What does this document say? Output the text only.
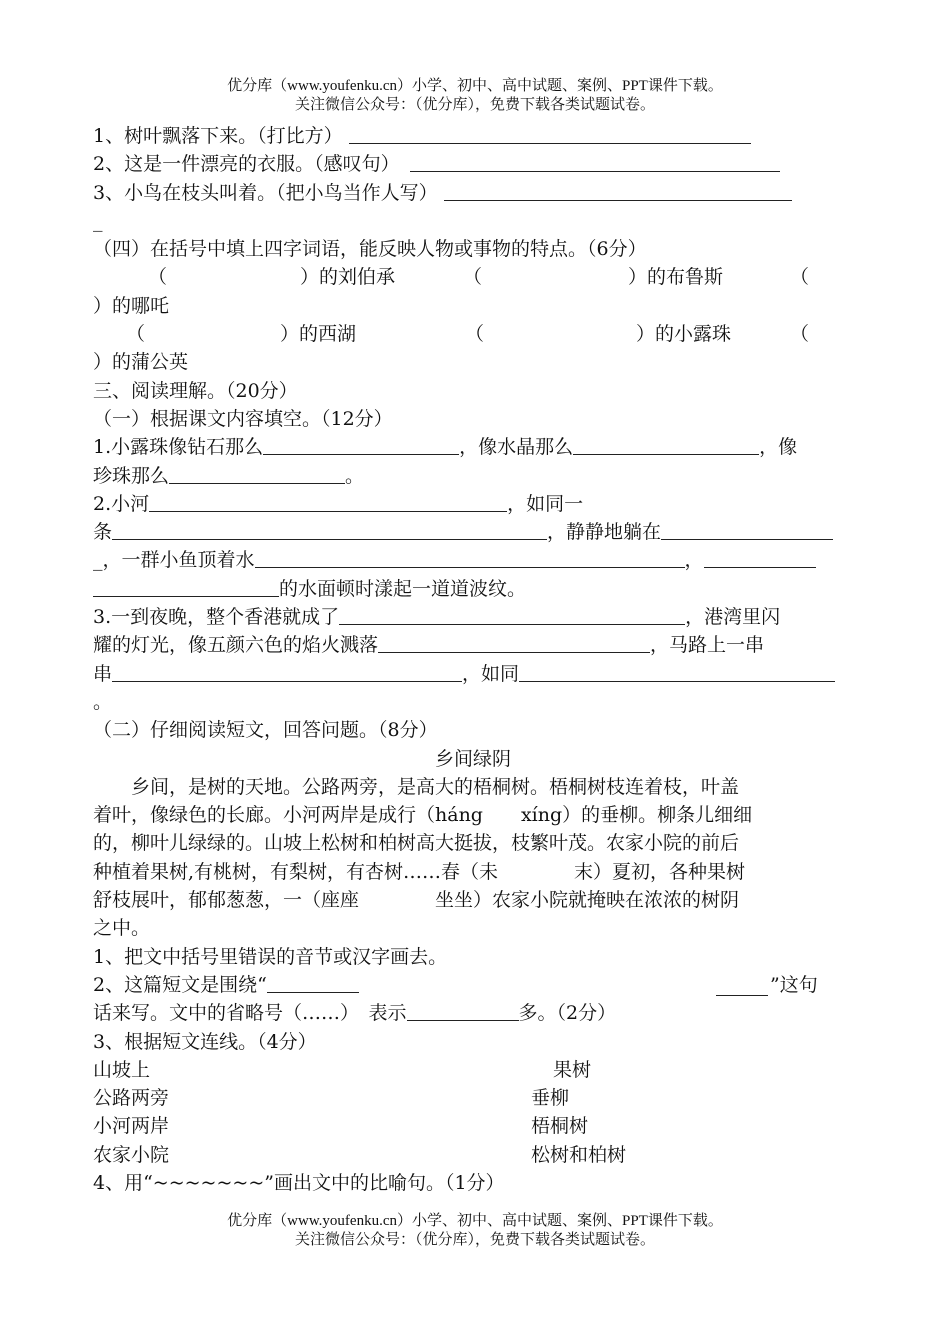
优分库（www.youfenku.cn）小学、初中、高中试题、案例、PPT课件下载。
关注微信公众号：（优分库），免费下载各类试题试卷。
1、树叶飘落下来。（打比方）
2、这是一件漂亮的衣服。（感叹句）
3、小鸟在枝头叫着。（把小鸟当作人写）
_
（四）在括号中填上四字词语，能反映人物或事物的特点。（6分）
（	）的刘伯承	（	）的布鲁斯	（
）的哪吒
（	）的西湖	（	）的小露珠	（
）的蒲公英
三、阅读理解。（20分）
（一）根据课文内容填空。（12分）
1.小露珠像钻石那么	，像水晶那么	，像
珍珠那么	。
2.小河	，如同一
条	，静静地躺在
_，一群小鱼顶着水	，
的水面顿时漾起一道道波纹。
3.一到夜晚，整个香港就成了	，港湾里闪
耀的灯光，像五颜六色的焰火溅落	，马路上一串
串	，如同
。
（二）仔细阅读短文，回答问题。（8分）
乡间绿阴
乡间，是树的天地。公路两旁，是高大的梧桐树。梧桐树枝连着枝，叶盖
着叶，像绿色的长廊。小河两岸是成行（háng　　xíng）的垂柳。柳条儿细细
的，柳叶儿绿绿的。山坡上松树和柏树高大挺拔，枝繁叶茂。农家小院的前后
种植着果树,有桃树，有梨树，有杏树……春（未　　　　末）夏初，各种果树
舒枝展叶，郁郁葱葱，一（座座　　　　坐坐）农家小院就掩映在浓浓的树阴
之中。
1、把文中括号里错误的音节或汉字画去。
2、这篇短文是围绕“	”这句
话来写。文中的省略号（……）　表示	多。（2分）
3、根据短文连线。（4分）
山坡上	果树
公路两旁	垂柳
小河两岸	梧桐树
农家小院	松树和柏树
4、用“~~~~~~~”画出文中的比喻句。（1分）
优分库（www.youfenku.cn）小学、初中、高中试题、案例、PPT课件下载。
关注微信公众号：（优分库），免费下载各类试题试卷。
